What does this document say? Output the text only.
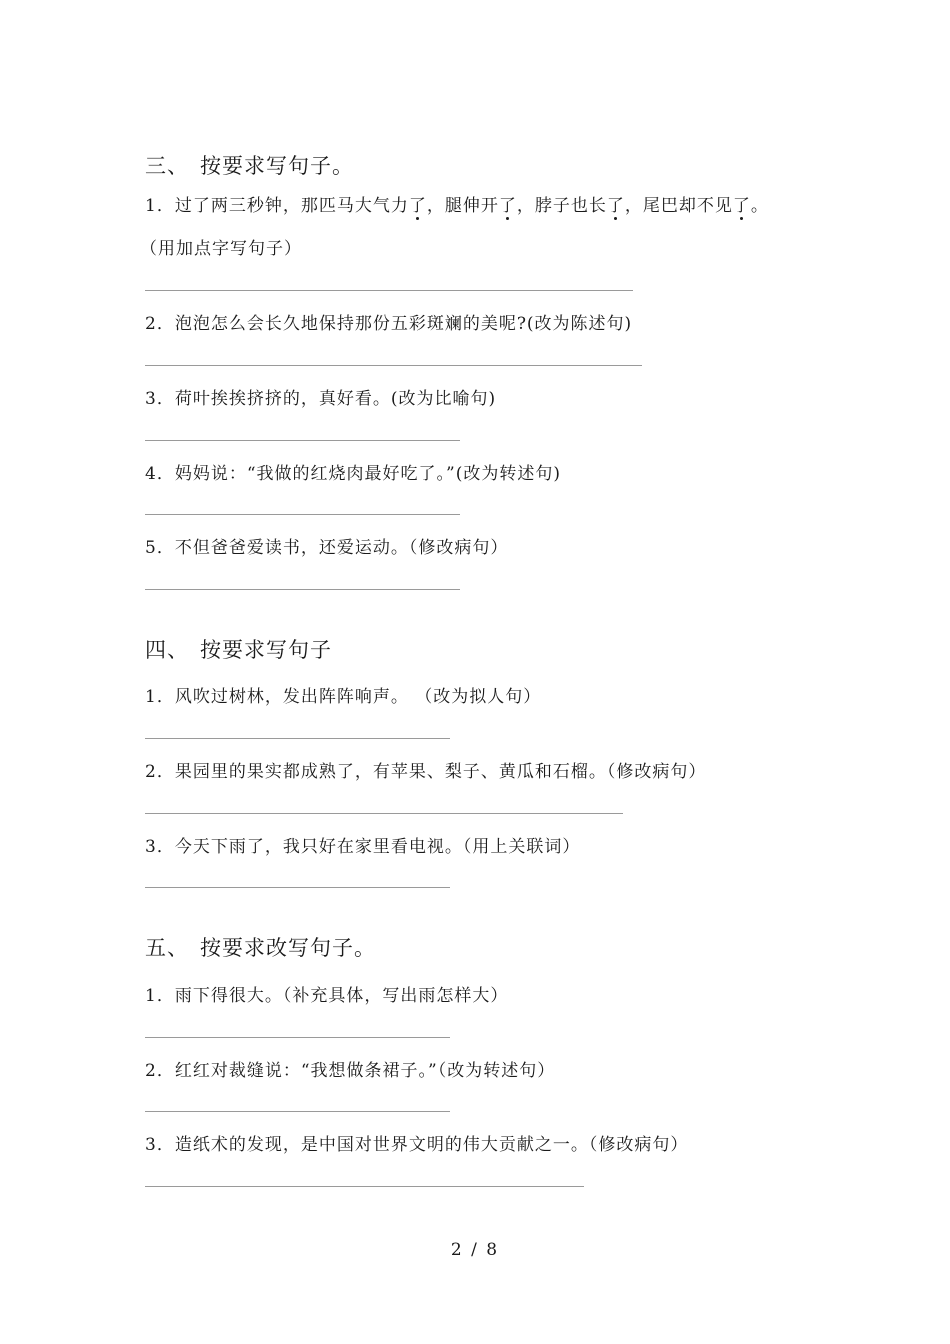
三、 按要求写句子。
1．过了两三秒钟，那匹马大气力了，腿伸开了，脖子也长了，尾巴却不见了。
（用加点字写句子）
2．泡泡怎么会长久地保持那份五彩斑斓的美呢?(改为陈述句)
3．荷叶挨挨挤挤的，真好看。(改为比喻句)
4．妈妈说：“我做的红烧肉最好吃了。”(改为转述句)
5．不但爸爸爱读书，还爱运动。（修改病句）
四、 按要求写句子
1．风吹过树林，发出阵阵响声。 （改为拟人句）
2．果园里的果实都成熟了，有苹果、梨子、黄瓜和石榴。（修改病句）
3．今天下雨了，我只好在家里看电视。（用上关联词）
五、 按要求改写句子。
1．雨下得很大。（补充具体，写出雨怎样大）
2．红红对裁缝说：“我想做条裙子。”（改为转述句）
3．造纸术的发现，是中国对世界文明的伟大贡献之一。（修改病句）
2 / 8
